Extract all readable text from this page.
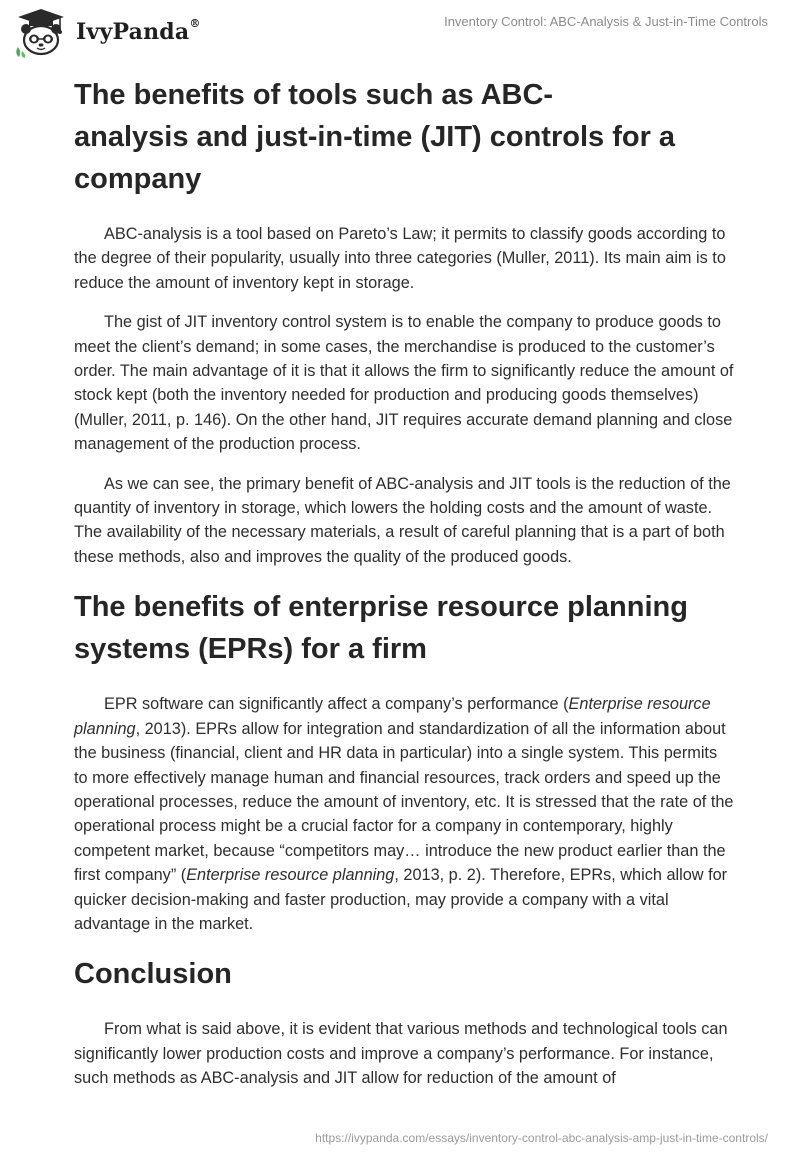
IvyPanda®	Inventory Control: ABC-Analysis & Just-in-Time Controls
The benefits of tools such as ABC-
analysis and just-in-time (JIT) controls for a
company

ABC-analysis is a tool based on Pareto’s Law; it permits to classify goods according to the degree of their popularity, usually into three categories (Muller, 2011). Its main aim is to reduce the amount of inventory kept in storage.

The gist of JIT inventory control system is to enable the company to produce goods to meet the client’s demand; in some cases, the merchandise is produced to the customer’s order. The main advantage of it is that it allows the firm to significantly reduce the amount of stock kept (both the inventory needed for production and producing goods themselves) (Muller, 2011, p. 146). On the other hand, JIT requires accurate demand planning and close management of the production process.

As we can see, the primary benefit of ABC-analysis and JIT tools is the reduction of the quantity of inventory in storage, which lowers the holding costs and the amount of waste. The availability of the necessary materials, a result of careful planning that is a part of both these methods, also and improves the quality of the produced goods.

The benefits of enterprise resource planning
systems (EPRs) for a firm

EPR software can significantly affect a company’s performance (Enterprise resource planning, 2013). EPRs allow for integration and standardization of all the information about the business (financial, client and HR data in particular) into a single system. This permits to more effectively manage human and financial resources, track orders and speed up the operational processes, reduce the amount of inventory, etc. It is stressed that the rate of the operational process might be a crucial factor for a company in contemporary, highly competent market, because “competitors may… introduce the new product earlier than the first company” (Enterprise resource planning, 2013, p. 2). Therefore, EPRs, which allow for quicker decision-making and faster production, may provide a company with a vital advantage in the market.

Conclusion

From what is said above, it is evident that various methods and technological tools can significantly lower production costs and improve a company’s performance. For instance, such methods as ABC-analysis and JIT allow for reduction of the amount of

https://ivypanda.com/essays/inventory-control-abc-analysis-amp-just-in-time-controls/
